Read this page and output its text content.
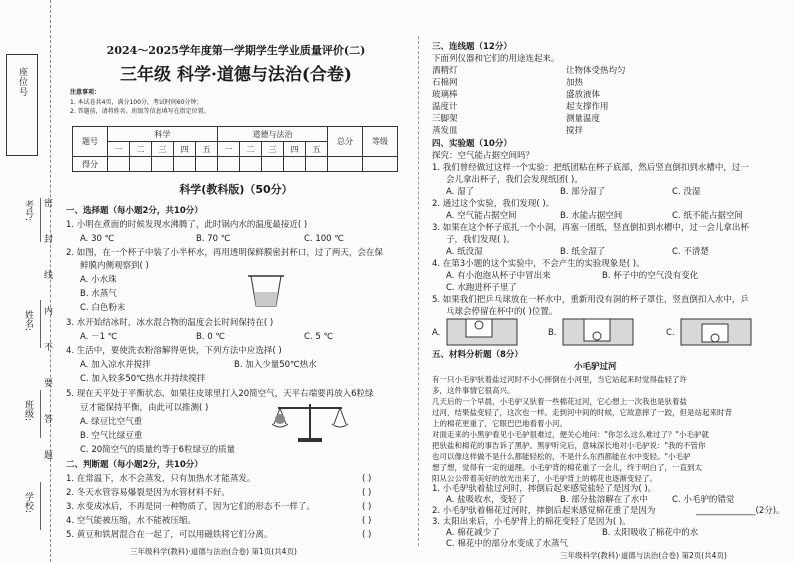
座位号
考号:
姓名:
班级:
学校:
密
封
线
内
不
要
答
题
2024～2025学年度第一学期学生学业质量评价(二)
三年级 科学·道德与法治(合卷)
注意事项：
1. 本试卷共4页，满分100分，考试时间60分钟；
2. 答题前，请将姓名、班级等信息填写在指定位置。
题号	科学					道德与法治					总分	等级
	一	二	三	四	五	一	二	三	四	五		
得分												
科学(教科版)（50分）
一、选择题（每小题2分，共10分）
1. 小明在煮面的时候发现水沸腾了，此时锅内水的温度最接近( )
A. 30 ℃	B. 70 ℃	C. 100 ℃
2. 如图，在一个杯子中装了小半杯水，再用透明保鲜膜密封杯口，过了两天，会在保
鲜膜内侧观察到( )
A. 小水珠
B. 水蒸气
C. 白色粉末
3. 水开始结冰时，冰水混合物的温度会长时间保持在( )
A. －1 ℃	B. 0 ℃	C. 5 ℃
4. 生活中，要使洗衣粉溶解得更快，下列方法中应选择( )
A. 加入凉水并搅拌	B. 加入少量50℃热水
C. 加入较多50℃热水并持续搅拌
5. 现在天平处于平衡状态，如果往皮球里打入20简空气，天平右端要再放入6粒绿
豆才能保持平衡，由此可以推测( )
A. 绿豆比空气重
B. 空气比绿豆重
C. 20简空气的质量约等于6粒绿豆的质量
二、判断题（每小题2分，共10分）
1. 在常温下，水不会蒸发，只有加热水才能蒸发。
2. 冬天水管容易爆裂是因为水管材料不好。
3. 水变成冰后，不再是同一种物质了，因为它们的形态不一样了。
4. 空气能被压缩，水不能被压缩。
5. 黄豆和铁屑混合在一起了，可以用磁铁将它们分离。
( )
( )
( )
( )
( )
三年级科学(教科)·道德与法治(合卷) 第1页(共4页)
三、连线题（12分）
下面列仪器和它们的用途连起来。
酒精灯
石棉网
玻璃棒
温度计
三脚架
蒸发皿
让物体受热均匀
加热
盛放液体
起支撑作用
测量温度
搅拌
四、实验题（10分）
探究：空气能占据空间吗？
1. 我们曾经做过这样一个实验：把纸团粘在杯子底部，然后竖直倒扣到水槽中，过一
会儿拿出杯子，我们会发现纸团( )。
A. 湿了	B. 部分湿了	C. 没湿
2. 通过这个实验，我们发现( )。
A. 空气能占据空间	B. 水能占据空间	C. 纸不能占据空间
3. 如果在这个杯子底扎一个小洞，再塞一团纸，竖直倒扣到水槽中，过一会儿拿出杯
子，我们发现( )。
A. 纸没湿	B. 纸全湿了	C. 不清楚
4. 在第3小题的这个实验中，不会产生的实验现象是( )。
A. 有小泡泡从杯子中冒出来	B. 杯子中的空气没有变化
C. 水跑进杯子里了
5. 如果我们把乒乓球放在一杯水中，重新用没有洞的杯子罩住，竖直倒扣入水中，乒
乓球会停留在杯中的( )位置。
A.	B.	C.
五、材料分析题（8分）
小毛驴过河
有一只小毛驴驮着盐过河时不小心摔倒在小河里，当它站起来时觉得盐轻了许
多，这件事情它很高兴。
几天后的一个早晨，小毛驴又驮着一些棉花过河，它心想上一次我也是驮着盐
过河，结果盐变轻了，这次也一样。走到河中间的时候，它故意摔了一跤，但是站起来时背
上的棉花更重了，它眼巴巴地看着小河。
对面走来的小黑驴看见小毛驴很难过，便关心地问："你怎么这么难过了？"小毛驴就
把驮盐和棉花的事告诉了黑驴。黑驴听完后，意味深长地对小毛驴说："我的不管你
也可以像这样做不是什么都能轻松的，不是什么东西都能在水中变轻。"小毛驴
想了想，觉得有一定的道理。小毛驴背的棉花重了一会儿，终于明白了，一直到太
阳从公公带着美好的放光出来了，小毛驴背上的棉花也逐渐变轻了。
1. 小毛驴驮着盐过河时，摔倒后起来感觉盐轻了是因为( )。
A. 盐吸收水，变轻了	B. 部分盐溶解在了水中	C. 小毛驴的错觉
2. 小毛驴驮着棉花过河时，摔倒后起来感觉棉花重了是因为	______________(2分)。
3. 太阳出来后，小毛驴背上的棉花变轻了是因为( )。
A. 棉花减少了	B. 太阳吸收了棉花中的水
C. 棉花中的部分水变成了水蒸气
三年级科学(教科)·道德与法治(合卷) 第2页(共4页)
